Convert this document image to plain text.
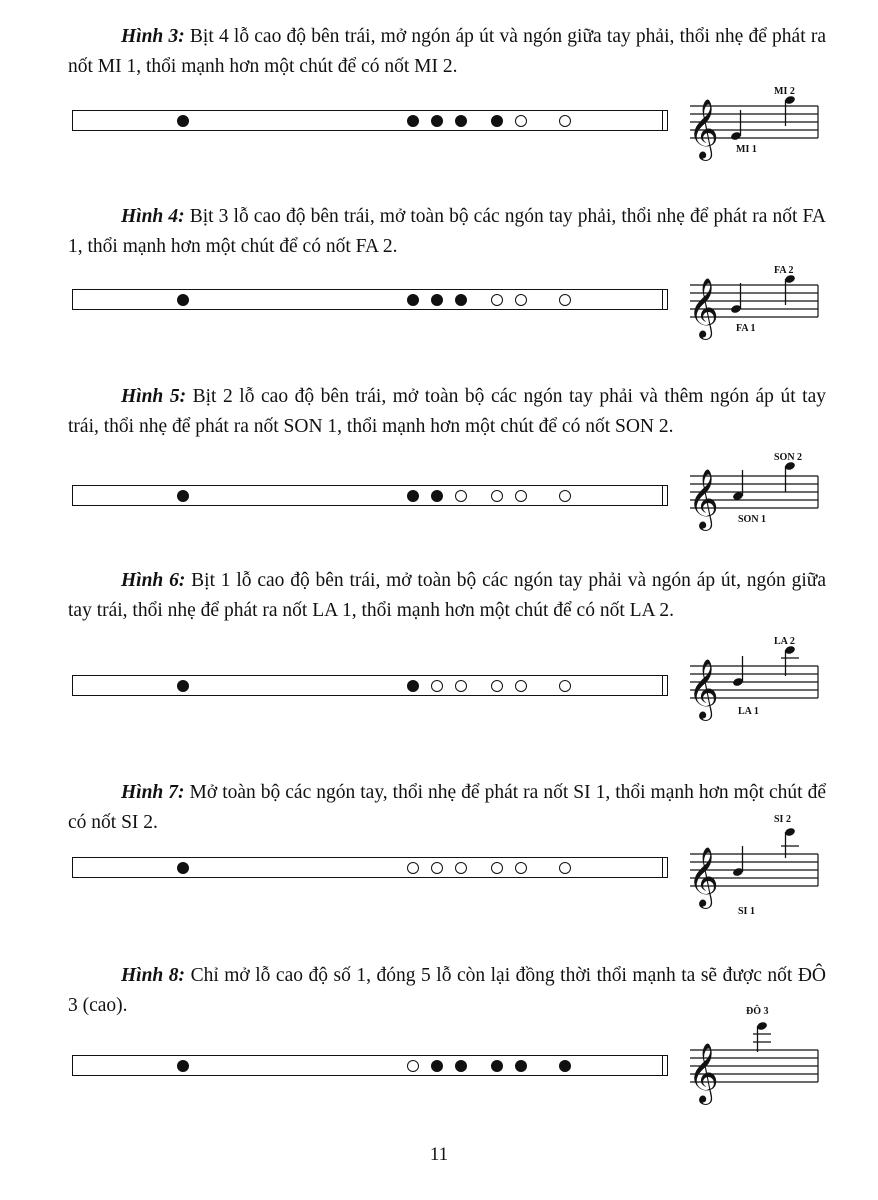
Hình 3: Bịt 4 lỗ cao độ bên trái, mở ngón áp út và ngón giữa tay phải, thổi nhẹ để phát ra nốt MI 1, thổi mạnh hơn một chút để có nốt MI 2.

𝄞 MI 1
MI 2

Hình 4: Bịt 3 lỗ cao độ bên trái, mở toàn bộ các ngón tay phải, thổi nhẹ để phát ra nốt FA 1, thổi mạnh hơn một chút để có nốt FA 2.

𝄞 FA 1
FA 2

Hình 5: Bịt 2 lỗ cao độ bên trái, mở toàn bộ các ngón tay phải và thêm ngón áp út tay trái, thổi nhẹ để phát ra nốt SON 1, thổi mạnh hơn một chút để có nốt SON 2.

𝄞 SON 1
SON 2

Hình 6: Bịt 1 lỗ cao độ bên trái, mở toàn bộ các ngón tay phải và ngón áp út, ngón giữa tay trái, thổi nhẹ để phát ra nốt LA 1, thổi mạnh hơn một chút để có nốt LA 2.

𝄞 LA 1
LA 2

Hình 7: Mở toàn bộ các ngón tay, thổi nhẹ để phát ra nốt SI 1, thổi mạnh hơn một chút để có nốt SI 2.

𝄞
SI 1
SI 2

Hình 8: Chỉ mở lỗ cao độ số 1, đóng 5 lỗ còn lại đồng thời thổi mạnh ta sẽ được nốt ĐÔ 3 (cao).

𝄞
ĐÔ 3
11
